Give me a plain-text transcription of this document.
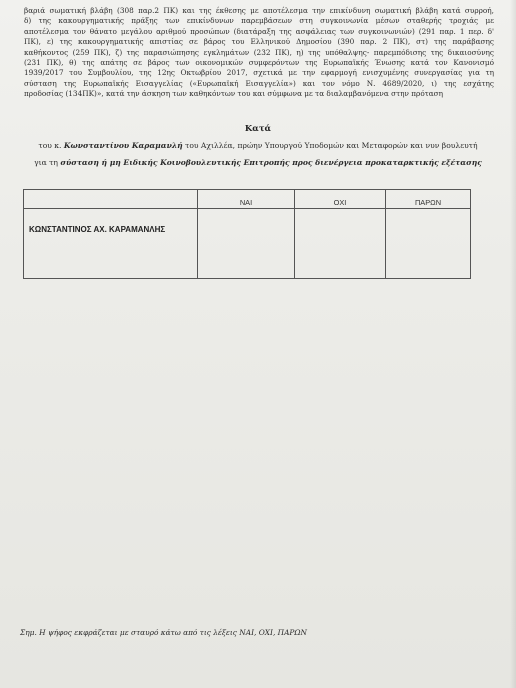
βαριά σωματική βλάβη (308 παρ.2 ΠΚ) και της έκθεσης με αποτέλεσμα την επικίνδυνη σωματική βλάβη κατά συρροή,
δ) της κακουργηματικής πράξης των επικίνδυνων παρεμβάσεων στη συγκοινωνία μέσων σταθερής τροχιάς με
αποτέλεσμα τον θάνατο μεγάλου αριθμού προσώπων (διατάραξη της ασφάλειας των συγκοινωνιών) (291 παρ. 1 περ. δ'
ΠΚ), ε) της κακουργηματικής απιστίας σε βάρος του Ελληνικού Δημοσίου (390 παρ. 2 ΠΚ), στ) της παράβασης
καθήκοντος (259 ΠΚ), ζ) της παρασιώπησης εγκλημάτων (232 ΠΚ), η) της υπόθαλψης- παρεμπόδισης της δικαιοσύνης
(231 ΠΚ), θ) της απάτης σε βάρος των οικονομικών συμφερόντων της Ευρωπαϊκής Ένωσης κατά τον Κανονισμό
1939/2017 του Συμβουλίου, της 12ης Οκτωβρίου 2017, σχετικά με την εφαρμογή ενισχυμένης συνεργασίας για τη
σύσταση της Ευρωπαϊκής Εισαγγελίας («Ευρωπαϊκή Εισαγγελία») και τον νόμο Ν. 4689/2020, ι) της εσχάτης
προδοσίας (134ΠΚ)», κατά την άσκηση των καθηκόντων του και σύμφωνα με τα διαλαμβανόμενα στην πρόταση
Κατά
του κ. Κωνσταντίνου Καραμανλή του Αχιλλέα, πρώην Υπουργού Υποδομών και Μεταφορών και νυν βουλευτή
για τη σύσταση ή μη Ειδικής Κοινοβουλευτικής Επιτροπής προς διενέργεια προκαταρκτικής εξέτασης
	ΝΑΙ	ΟΧΙ	ΠΑΡΩΝ
ΚΩΝΣΤΑΝΤΙΝΟΣ ΑΧ. ΚΑΡΑΜΑΝΛΗΣ			
Σημ. Η ψήφος εκφράζεται με σταυρό κάτω από τις λέξεις ΝΑΙ, ΟΧΙ, ΠΑΡΩΝ
